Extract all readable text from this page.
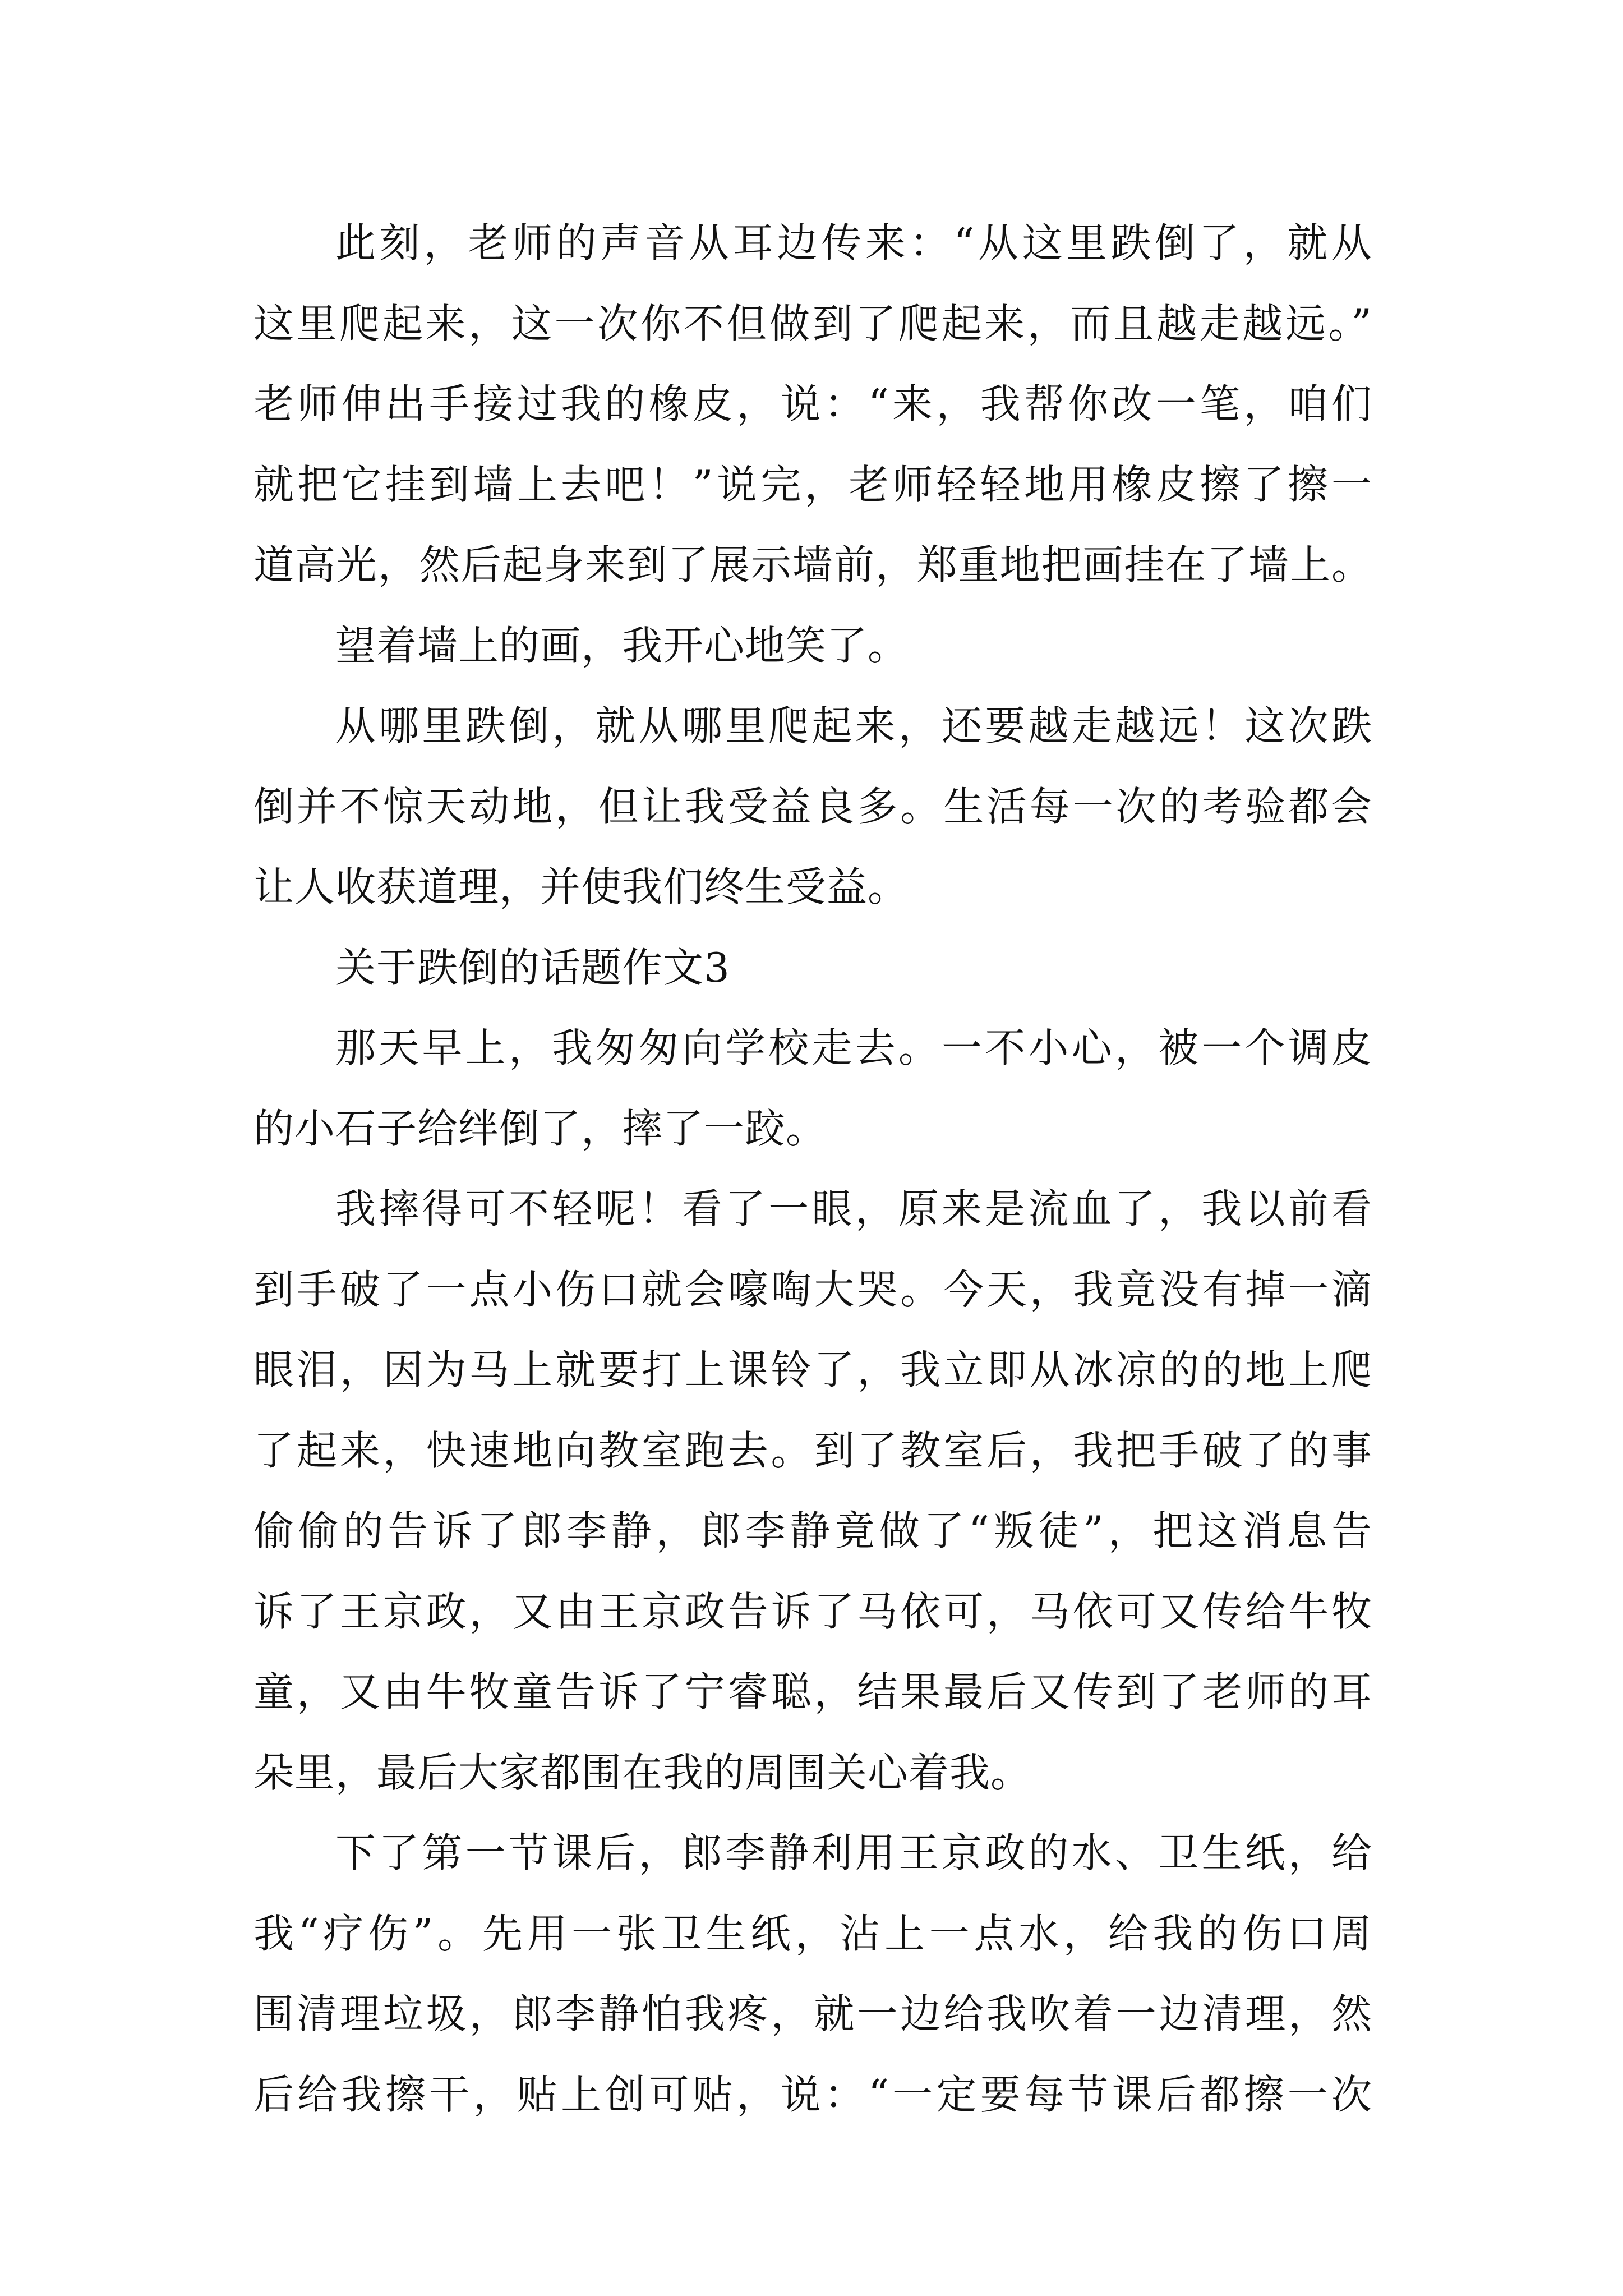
此刻，老师的声音从耳边传来：“从这里跌倒了，就从
这里爬起来，这一次你不但做到了爬起来，而且越走越远。”
老师伸出手接过我的橡皮，说：“来，我帮你改一笔，咱们
就把它挂到墙上去吧！”说完，老师轻轻地用橡皮擦了擦一
道高光，然后起身来到了展示墙前，郑重地把画挂在了墙上。
望着墙上的画，我开心地笑了。
从哪里跌倒，就从哪里爬起来，还要越走越远！这次跌
倒并不惊天动地，但让我受益良多。生活每一次的考验都会
让人收获道理，并使我们终生受益。
关于跌倒的话题作文3
那天早上，我匆匆向学校走去。一不小心，被一个调皮
的小石子给绊倒了，摔了一跤。
我摔得可不轻呢！看了一眼，原来是流血了，我以前看
到手破了一点小伤口就会嚎啕大哭。今天，我竟没有掉一滴
眼泪，因为马上就要打上课铃了，我立即从冰凉的的地上爬
了起来，快速地向教室跑去。到了教室后，我把手破了的事
偷偷的告诉了郎李静，郎李静竟做了“叛徒”，把这消息告
诉了王京政，又由王京政告诉了马依可，马依可又传给牛牧
童，又由牛牧童告诉了宁睿聪，结果最后又传到了老师的耳
朵里，最后大家都围在我的周围关心着我。
下了第一节课后，郎李静利用王京政的水、卫生纸，给
我“疗伤”。先用一张卫生纸，沾上一点水，给我的伤口周
围清理垃圾，郎李静怕我疼，就一边给我吹着一边清理，然
后给我擦干，贴上创可贴，说：“一定要每节课后都擦一次
